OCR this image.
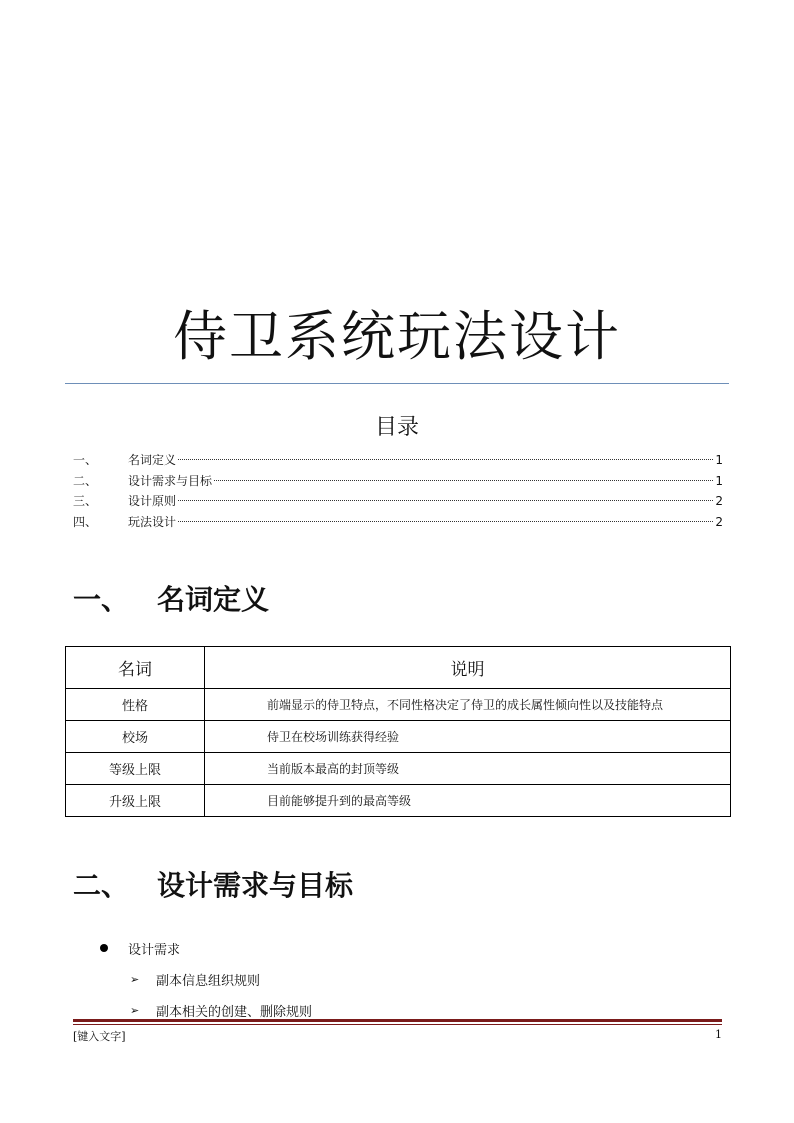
侍卫系统玩法设计
目录
一、	名词定义	1
二、	设计需求与目标	1
三、	设计原则	2
四、	玩法设计	2
一、 名词定义
名词	说明
性格	前端显示的侍卫特点，不同性格决定了侍卫的成长属性倾向性以及技能特点
校场	侍卫在校场训练获得经验
等级上限	当前版本最高的封顶等级
升级上限	目前能够提升到的最高等级
二、 设计需求与目标
设计需求
➢	副本信息组织规则
➢	副本相关的创建、删除规则
[键入文字]	1
